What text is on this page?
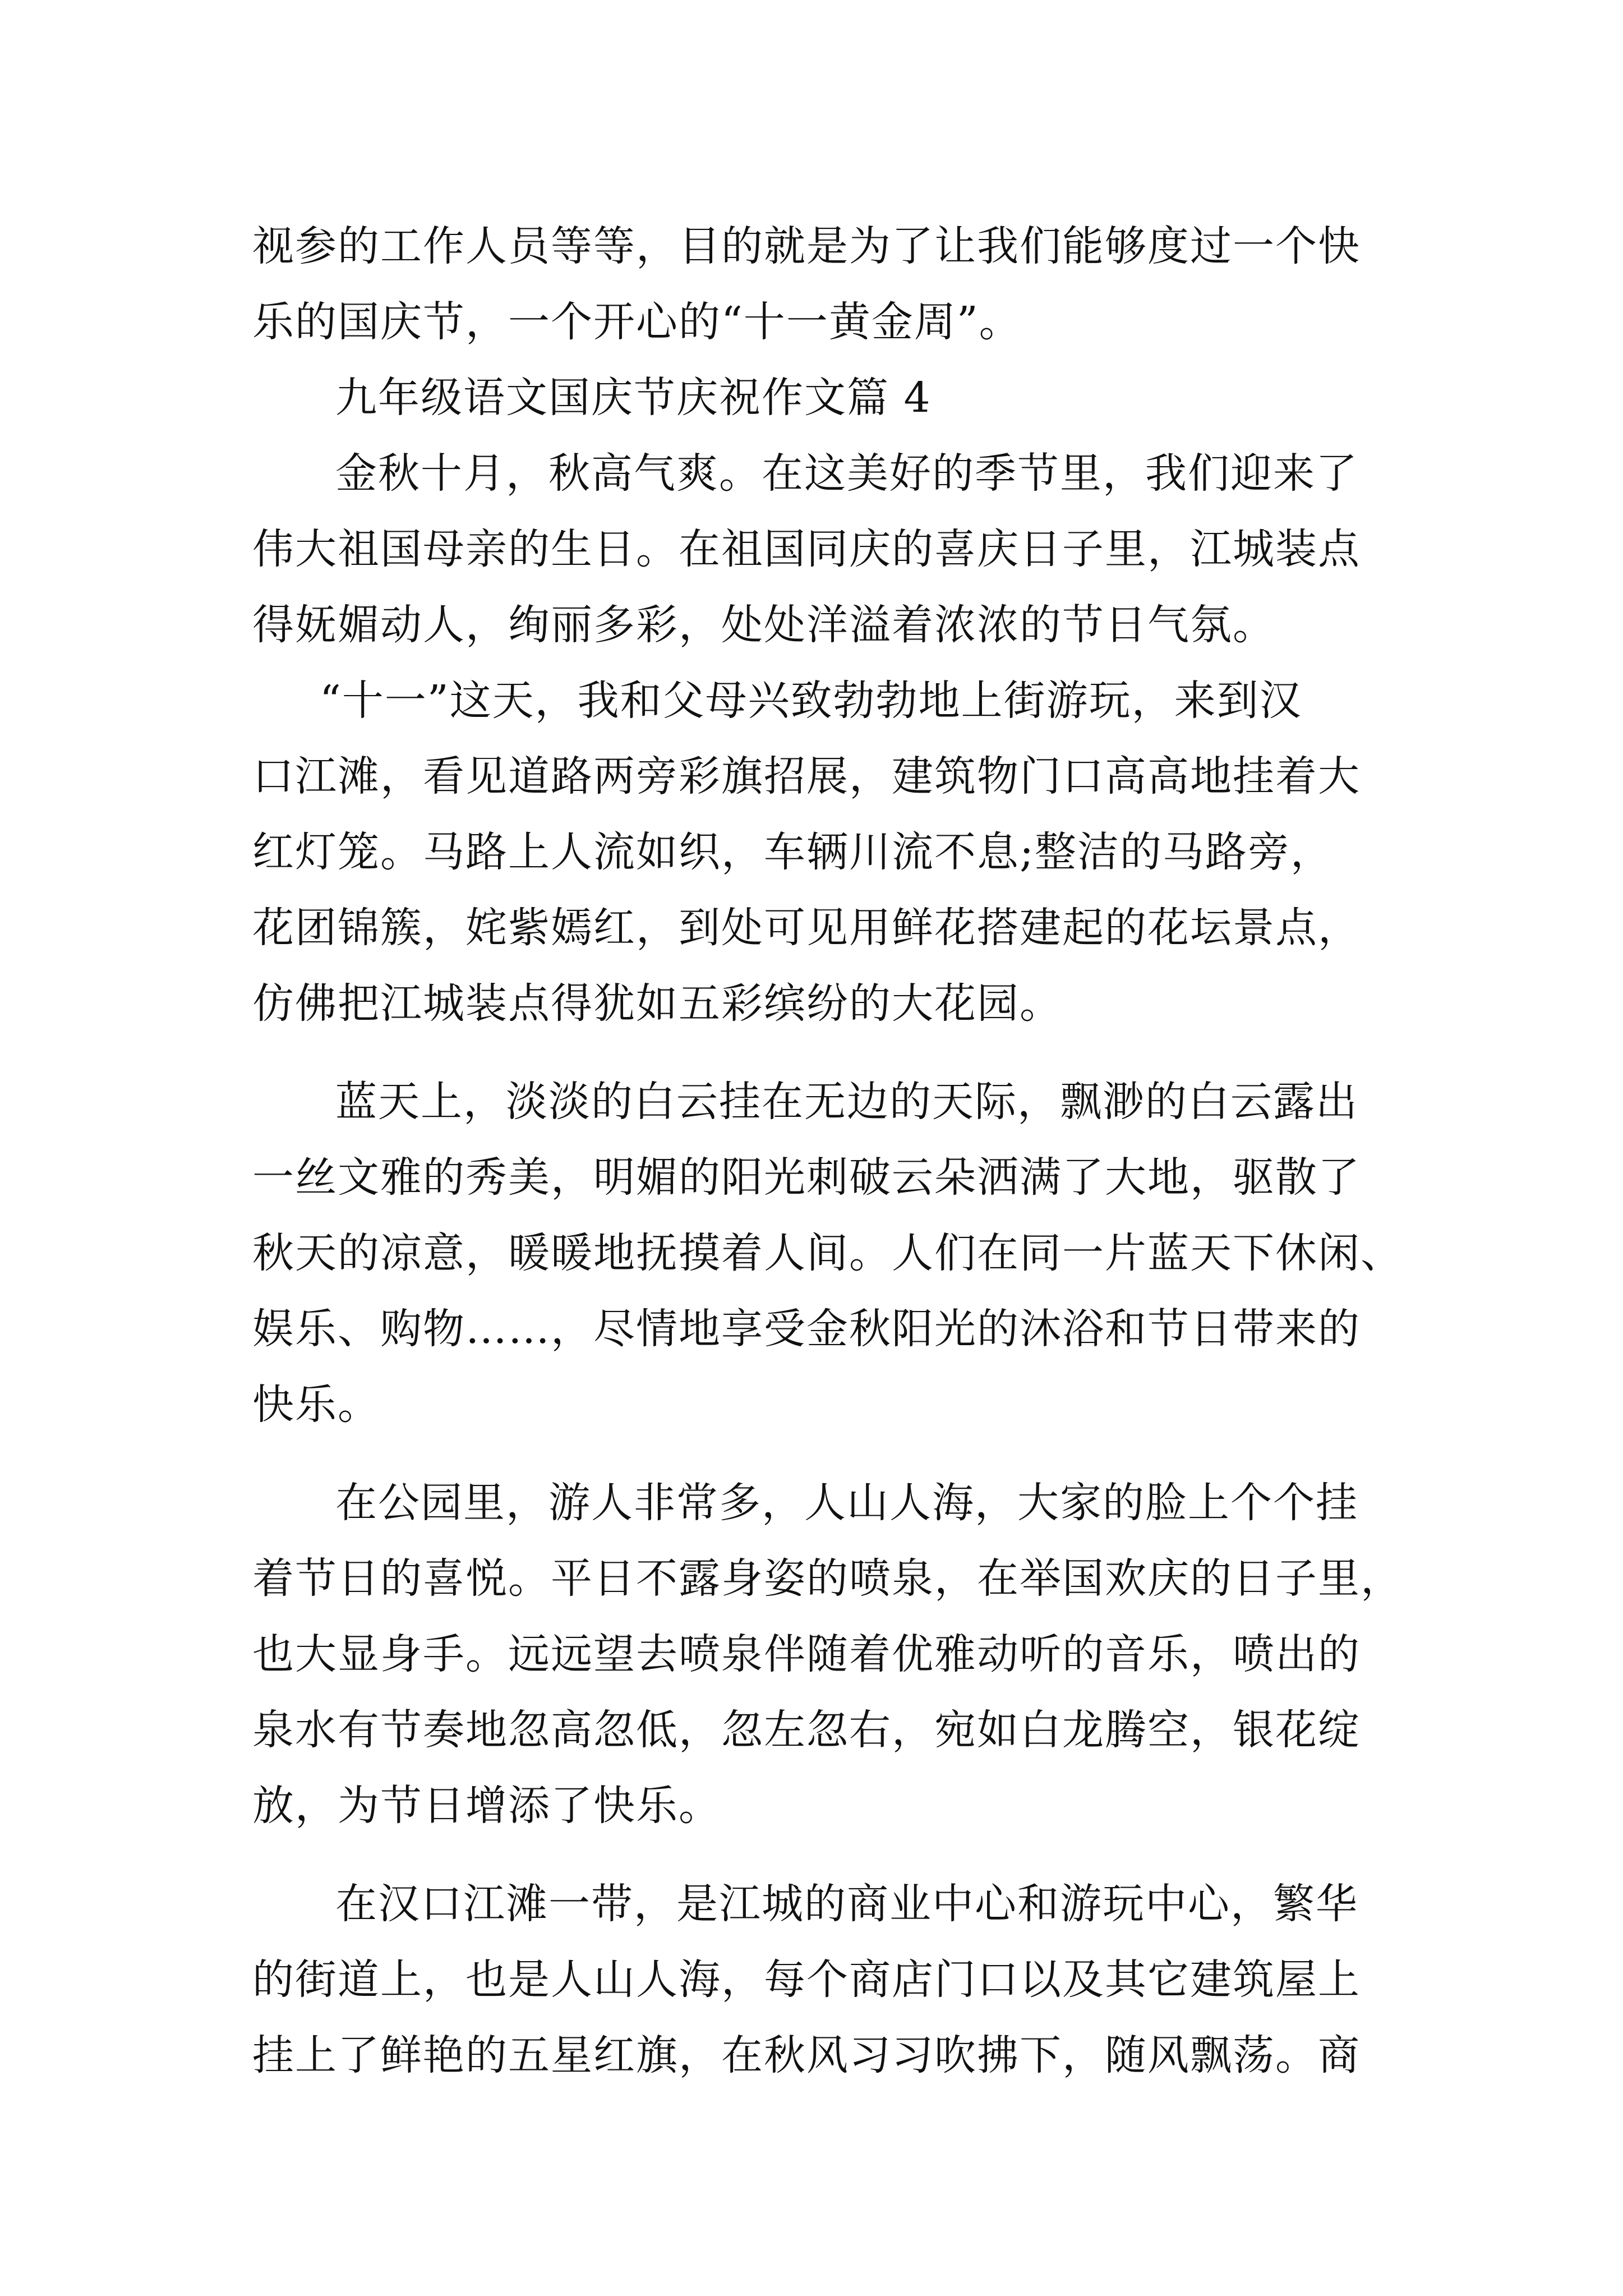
视参的工作人员等等，目的就是为了让我们能够度过一个快
乐的国庆节，一个开心的“十一黄金周”。
九年级语文国庆节庆祝作文篇 4
金秋十月，秋高气爽。在这美好的季节里，我们迎来了
伟大祖国母亲的生日。在祖国同庆的喜庆日子里，江城装点
得妩媚动人，绚丽多彩，处处洋溢着浓浓的节日气氛。
“十一”这天，我和父母兴致勃勃地上街游玩，来到汉
口江滩，看见道路两旁彩旗招展，建筑物门口高高地挂着大
红灯笼。马路上人流如织，车辆川流不息;整洁的马路旁，
花团锦簇，姹紫嫣红，到处可见用鲜花搭建起的花坛景点，
仿佛把江城装点得犹如五彩缤纷的大花园。
蓝天上，淡淡的白云挂在无边的天际，飘渺的白云露出
一丝文雅的秀美，明媚的阳光刺破云朵洒满了大地，驱散了
秋天的凉意，暖暖地抚摸着人间。人们在同一片蓝天下休闲、
娱乐、购物……，尽情地享受金秋阳光的沐浴和节日带来的
快乐。
在公园里，游人非常多，人山人海，大家的脸上个个挂
着节日的喜悦。平日不露身姿的喷泉，在举国欢庆的日子里，
也大显身手。远远望去喷泉伴随着优雅动听的音乐，喷出的
泉水有节奏地忽高忽低，忽左忽右，宛如白龙腾空，银花绽
放，为节日增添了快乐。
在汉口江滩一带，是江城的商业中心和游玩中心，繁华
的街道上，也是人山人海，每个商店门口以及其它建筑屋上
挂上了鲜艳的五星红旗，在秋风习习吹拂下，随风飘荡。商
